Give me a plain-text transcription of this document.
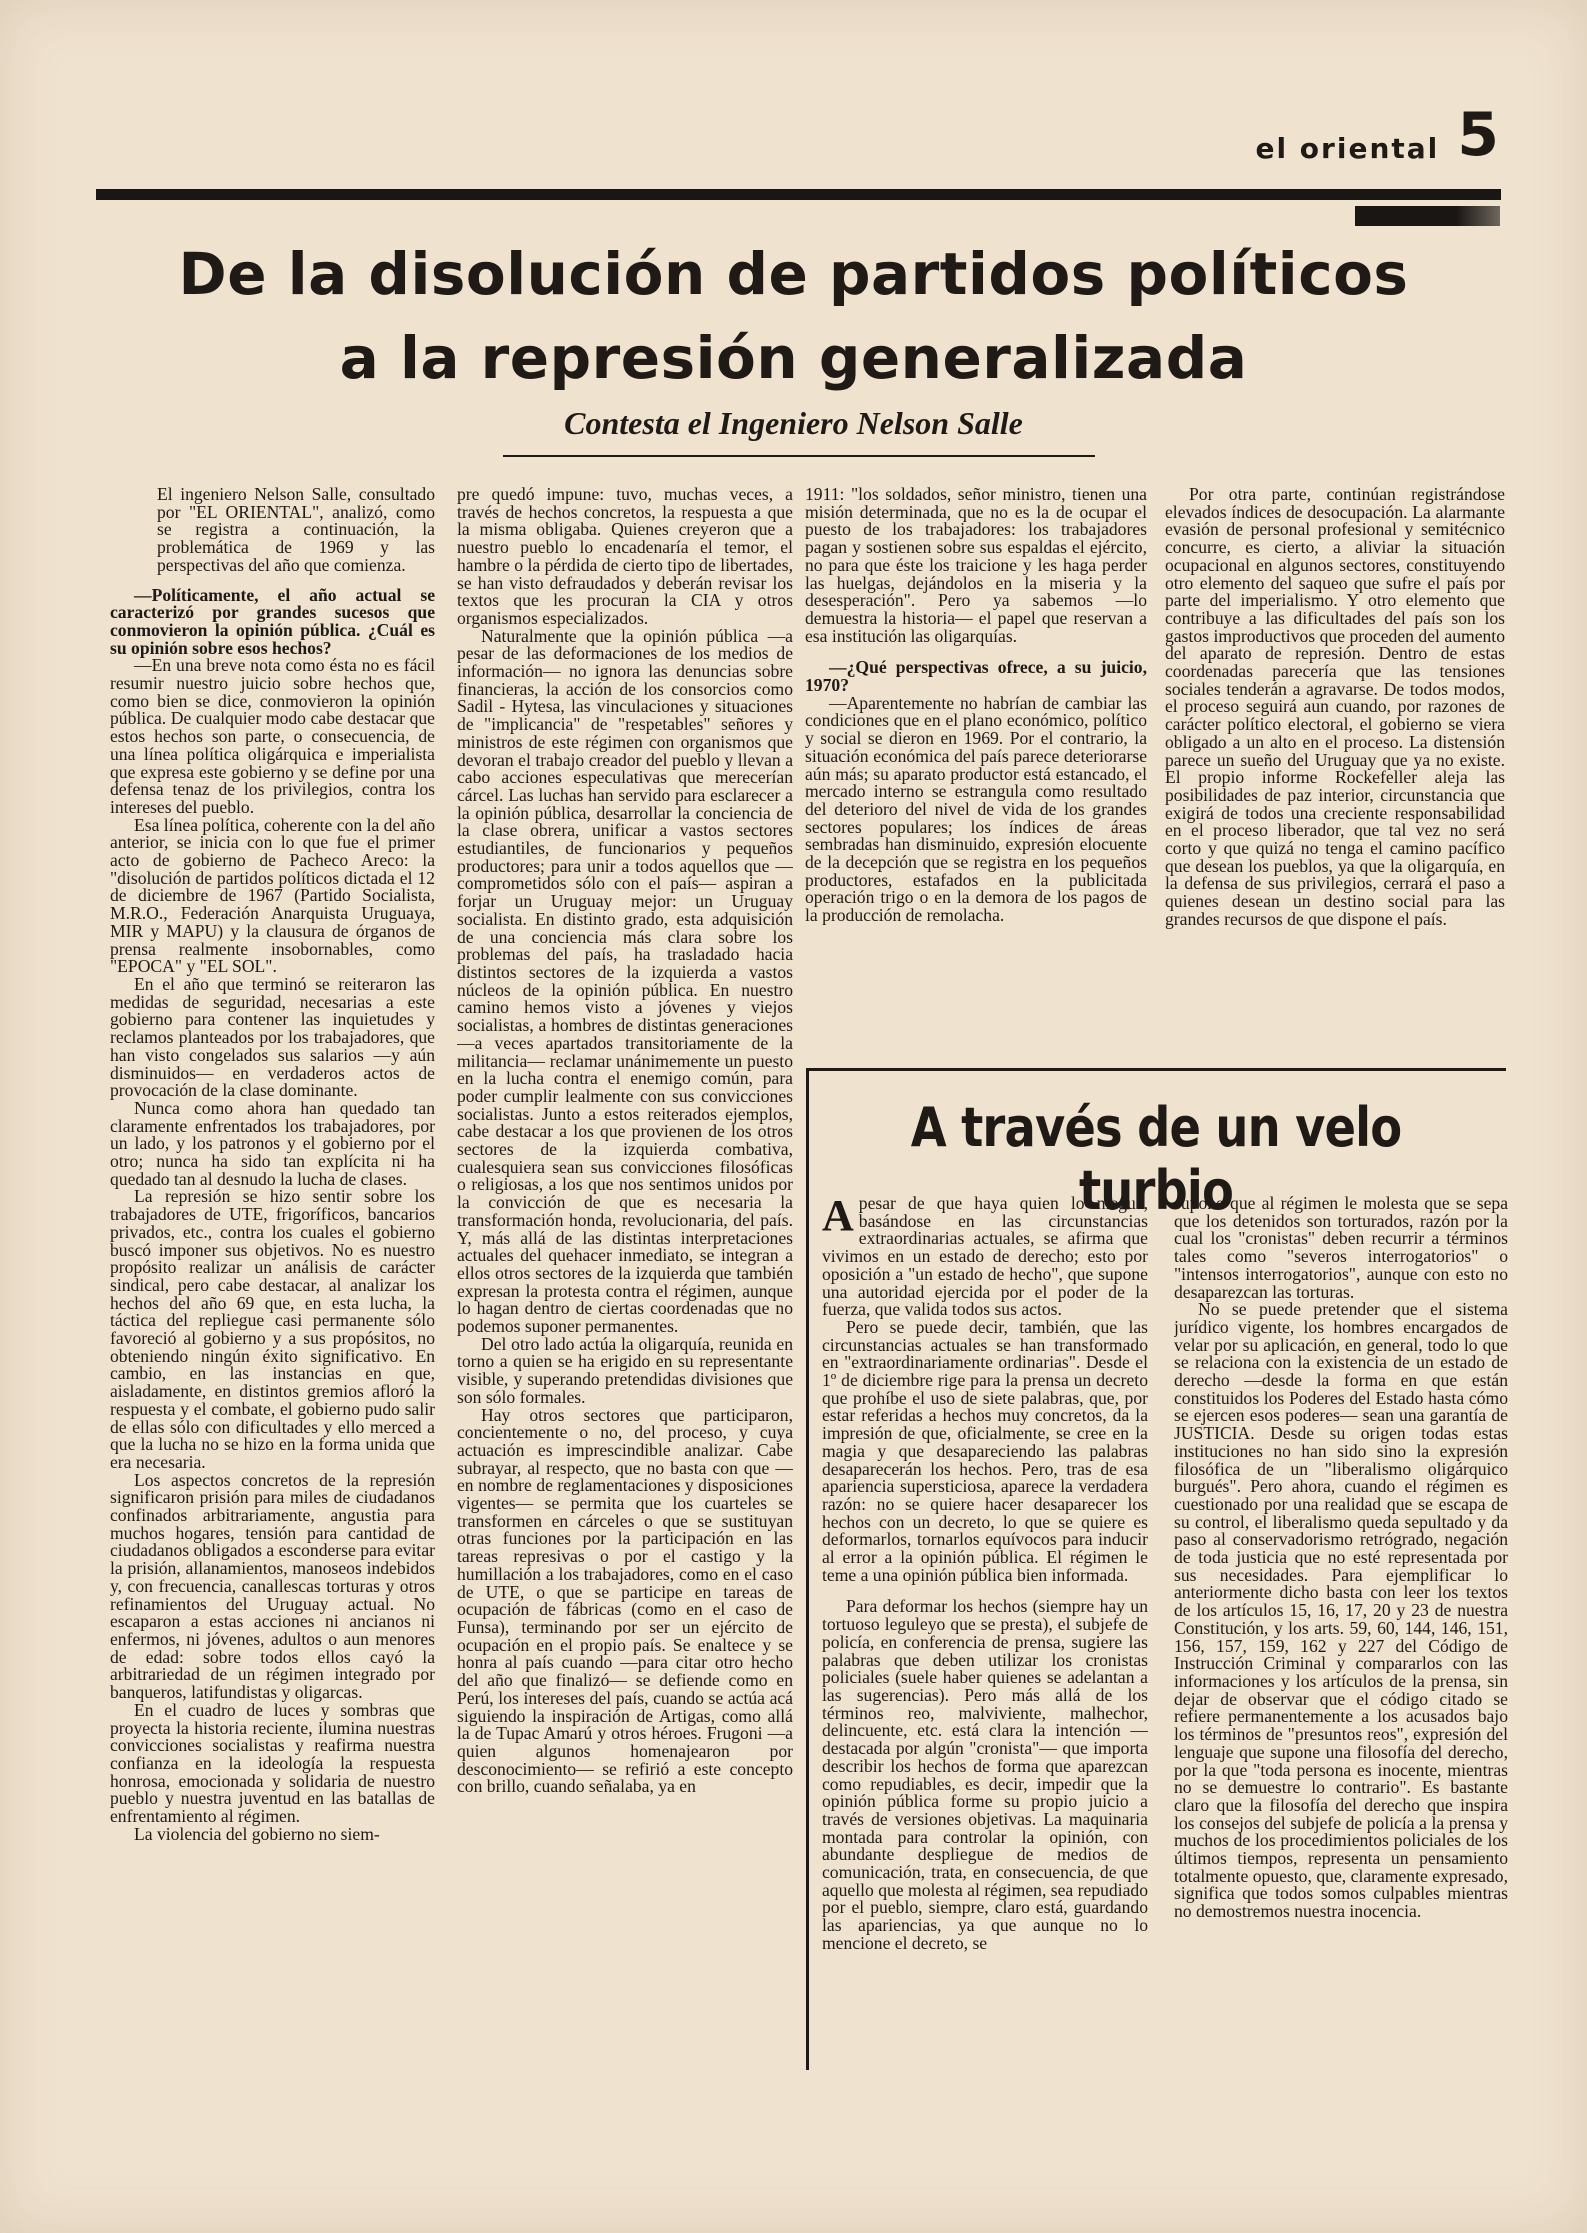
el oriental 5
De la disolución de partidos políticos
a la represión generalizada
Contesta el Ingeniero Nelson Salle

El ingeniero Nelson Salle, consultado por "EL ORIENTAL", analizó, como se registra a continuación, la problemática de 1969 y las perspectivas del año que comienza.

—Políticamente, el año actual se caracterizó por grandes sucesos que conmovieron la opinión pública. ¿Cuál es su opinión sobre esos hechos?

—En una breve nota como ésta no es fácil resumir nuestro juicio sobre hechos que, como bien se dice, conmovieron la opinión pública. De cualquier modo cabe destacar que estos hechos son parte, o consecuencia, de una línea política oligárquica e imperialista que expresa este gobierno y se define por una defensa tenaz de los privilegios, contra los intereses del pueblo.

Esa línea política, coherente con la del año anterior, se inicia con lo que fue el primer acto de gobierno de Pacheco Areco: la "disolución de partidos políticos dictada el 12 de diciembre de 1967 (Partido Socialista, M.R.O., Federación Anarquista Uruguaya, MIR y MAPU) y la clausura de órganos de prensa realmente insobornables, como "EPOCA" y "EL SOL".

En el año que terminó se reiteraron las medidas de seguridad, necesarias a este gobierno para contener las inquietudes y reclamos planteados por los trabajadores, que han visto congelados sus salarios —y aún disminuidos— en verdaderos actos de provocación de la clase dominante.

Nunca como ahora han quedado tan claramente enfrentados los trabajadores, por un lado, y los patronos y el gobierno por el otro; nunca ha sido tan explícita ni ha quedado tan al desnudo la lucha de clases.

La represión se hizo sentir sobre los trabajadores de UTE, frigoríficos, bancarios privados, etc., contra los cuales el gobierno buscó imponer sus objetivos. No es nuestro propósito realizar un análisis de carácter sindical, pero cabe destacar, al analizar los hechos del año 69 que, en esta lucha, la táctica del repliegue casi permanente sólo favoreció al gobierno y a sus propósitos, no obteniendo ningún éxito significativo. En cambio, en las instancias en que, aisladamente, en distintos gremios afloró la respuesta y el combate, el gobierno pudo salir de ellas sólo con dificultades y ello merced a que la lucha no se hizo en la forma unida que era necesaria.

Los aspectos concretos de la represión significaron prisión para miles de ciudadanos confinados arbitrariamente, angustia para muchos hogares, tensión para cantidad de ciudadanos obligados a esconderse para evitar la prisión, allanamientos, manoseos indebidos y, con frecuencia, canallescas torturas y otros refinamientos del Uruguay actual. No escaparon a estas acciones ni ancianos ni enfermos, ni jóvenes, adultos o aun menores de edad: sobre todos ellos cayó la arbitrariedad de un régimen integrado por banqueros, latifundistas y oligarcas.

En el cuadro de luces y sombras que proyecta la historia reciente, ilumina nuestras convicciones socialistas y reafirma nuestra confianza en la ideología la respuesta honrosa, emocionada y solidaria de nuestro pueblo y nuestra juventud en las batallas de enfrentamiento al régimen.

La violencia del gobierno no siem-

pre quedó impune: tuvo, muchas veces, a través de hechos concretos, la respuesta a que la misma obligaba. Quienes creyeron que a nuestro pueblo lo encadenaría el temor, el hambre o la pérdida de cierto tipo de libertades, se han visto defraudados y deberán revisar los textos que les procuran la CIA y otros organismos especializados.

Naturalmente que la opinión pública —a pesar de las deformaciones de los medios de información— no ignora las denuncias sobre financieras, la acción de los consorcios como Sadil - Hytesa, las vinculaciones y situaciones de "implicancia" de "respetables" señores y ministros de este régimen con organismos que devoran el trabajo creador del pueblo y llevan a cabo acciones especulativas que merecerían cárcel. Las luchas han servido para esclarecer a la opinión pública, desarrollar la conciencia de la clase obrera, unificar a vastos sectores estudiantiles, de funcionarios y pequeños productores; para unir a todos aquellos que —comprometidos sólo con el país— aspiran a forjar un Uruguay mejor: un Uruguay socialista. En distinto grado, esta adquisición de una conciencia más clara sobre los problemas del país, ha trasladado hacia distintos sectores de la izquierda a vastos núcleos de la opinión pública. En nuestro camino hemos visto a jóvenes y viejos socialistas, a hombres de distintas generaciones —a veces apartados transitoriamente de la militancia— reclamar unánimemente un puesto en la lucha contra el enemigo común, para poder cumplir lealmente con sus convicciones socialistas. Junto a estos reiterados ejemplos, cabe destacar a los que provienen de los otros sectores de la izquierda combativa, cualesquiera sean sus convicciones filosóficas o religiosas, a los que nos sentimos unidos por la convicción de que es necesaria la transformación honda, revolucionaria, del país. Y, más allá de las distintas interpretaciones actuales del quehacer inmediato, se integran a ellos otros sectores de la izquierda que también expresan la protesta contra el régimen, aunque lo hagan dentro de ciertas coordenadas que no podemos suponer permanentes.

Del otro lado actúa la oligarquía, reunida en torno a quien se ha erigido en su representante visible, y superando pretendidas divisiones que son sólo formales.

Hay otros sectores que participaron, concientemente o no, del proceso, y cuya actuación es imprescindible analizar. Cabe subrayar, al respecto, que no basta con que —en nombre de reglamentaciones y disposiciones vigentes— se permita que los cuarteles se transformen en cárceles o que se sustituyan otras funciones por la participación en las tareas represivas o por el castigo y la humillación a los trabajadores, como en el caso de UTE, o que se participe en tareas de ocupación de fábricas (como en el caso de Funsa), terminando por ser un ejército de ocupación en el propio país. Se enaltece y se honra al país cuando —para citar otro hecho del año que finalizó— se defiende como en Perú, los intereses del país, cuando se actúa acá siguiendo la inspiración de Artigas, como allá la de Tupac Amarú y otros héroes. Frugoni —a quien algunos homenajearon por desconocimiento— se refirió a este concepto con brillo, cuando señalaba, ya en

1911: "los soldados, señor ministro, tienen una misión determinada, que no es la de ocupar el puesto de los trabajadores: los trabajadores pagan y sostienen sobre sus espaldas el ejército, no para que éste los traicione y les haga perder las huelgas, dejándolos en la miseria y la desesperación". Pero ya sabemos —lo demuestra la historia— el papel que reservan a esa institución las oligarquías.

—¿Qué perspectivas ofrece, a su juicio, 1970?

—Aparentemente no habrían de cambiar las condiciones que en el plano económico, político y social se dieron en 1969. Por el contrario, la situación económica del país parece deteriorarse aún más; su aparato productor está estancado, el mercado interno se estrangula como resultado del deterioro del nivel de vida de los grandes sectores populares; los índices de áreas sembradas han disminuido, expresión elocuente de la decepción que se registra en los pequeños productores, estafados en la publicitada operación trigo o en la demora de los pagos de la producción de remolacha.

Por otra parte, continúan registrándose elevados índices de desocupación. La alarmante evasión de personal profesional y semitécnico concurre, es cierto, a aliviar la situación ocupacional en algunos sectores, constituyendo otro elemento del saqueo que sufre el país por parte del imperialismo. Y otro elemento que contribuye a las dificultades del país son los gastos improductivos que proceden del aumento del aparato de represión. Dentro de estas coordenadas parecería que las tensiones sociales tenderán a agravarse. De todos modos, el proceso seguirá aun cuando, por razones de carácter político electoral, el gobierno se viera obligado a un alto en el proceso. La distensión parece un sueño del Uruguay que ya no existe. El propio informe Rockefeller aleja las posibilidades de paz interior, circunstancia que exigirá de todos una creciente responsabilidad en el proceso liberador, que tal vez no será corto y que quizá no tenga el camino pacífico que desean los pueblos, ya que la oligarquía, en la defensa de sus privilegios, cerrará el paso a quienes desean un destino social para las grandes recursos de que dispone el país.

A través de un velo turbio

Apesar de que haya quien lo niegue, basándose en las circunstancias extraordinarias actuales, se afirma que vivimos en un estado de derecho; esto por oposición a "un estado de hecho", que supone una autoridad ejercida por el poder de la fuerza, que valida todos sus actos.

Pero se puede decir, también, que las circunstancias actuales se han transformado en "extraordinariamente ordinarias". Desde el 1º de diciembre rige para la prensa un decreto que prohíbe el uso de siete palabras, que, por estar referidas a hechos muy concretos, da la impresión de que, oficialmente, se cree en la magia y que desapareciendo las palabras desaparecerán los hechos. Pero, tras de esa apariencia supersticiosa, aparece la verdadera razón: no se quiere hacer desaparecer los hechos con un decreto, lo que se quiere es deformarlos, tornarlos equívocos para inducir al error a la opinión pública. El régimen le teme a una opinión pública bien informada.

Para deformar los hechos (siempre hay un tortuoso leguleyo que se presta), el subjefe de policía, en conferencia de prensa, sugiere las palabras que deben utilizar los cronistas policiales (suele haber quienes se adelantan a las sugerencias). Pero más allá de los términos reo, malviviente, malhechor, delincuente, etc. está clara la intención —destacada por algún "cronista"— que importa describir los hechos de forma que aparezcan como repudiables, es decir, impedir que la opinión pública forme su propio juicio a través de versiones objetivas. La maquinaria montada para controlar la opinión, con abundante despliegue de medios de comunicación, trata, en consecuencia, de que aquello que molesta al régimen, sea repudiado por el pueblo, siempre, claro está, guardando las apariencias, ya que aunque no lo mencione el decreto, se

supone que al régimen le molesta que se sepa que los detenidos son torturados, razón por la cual los "cronistas" deben recurrir a términos tales como "severos interrogatorios" o "intensos interrogatorios", aunque con esto no desaparezcan las torturas.

No se puede pretender que el sistema jurídico vigente, los hombres encargados de velar por su aplicación, en general, todo lo que se relaciona con la existencia de un estado de derecho —desde la forma en que están constituidos los Poderes del Estado hasta cómo se ejercen esos poderes— sean una garantía de JUSTICIA. Desde su origen todas estas instituciones no han sido sino la expresión filosófica de un "liberalismo oligárquico burgués". Pero ahora, cuando el régimen es cuestionado por una realidad que se escapa de su control, el liberalismo queda sepultado y da paso al conservadorismo retrógrado, negación de toda justicia que no esté representada por sus necesidades. Para ejemplificar lo anteriormente dicho basta con leer los textos de los artículos 15, 16, 17, 20 y 23 de nuestra Constitución, y los arts. 59, 60, 144, 146, 151, 156, 157, 159, 162 y 227 del Código de Instrucción Criminal y compararlos con las informaciones y los artículos de la prensa, sin dejar de observar que el código citado se refiere permanentemente a los acusados bajo los términos de "presuntos reos", expresión del lenguaje que supone una filosofía del derecho, por la que "toda persona es inocente, mientras no se demuestre lo contrario". Es bastante claro que la filosofía del derecho que inspira los consejos del subjefe de policía a la prensa y muchos de los procedimientos policiales de los últimos tiempos, representa un pensamiento totalmente opuesto, que, claramente expresado, significa que todos somos culpables mientras no demostremos nuestra inocencia.
